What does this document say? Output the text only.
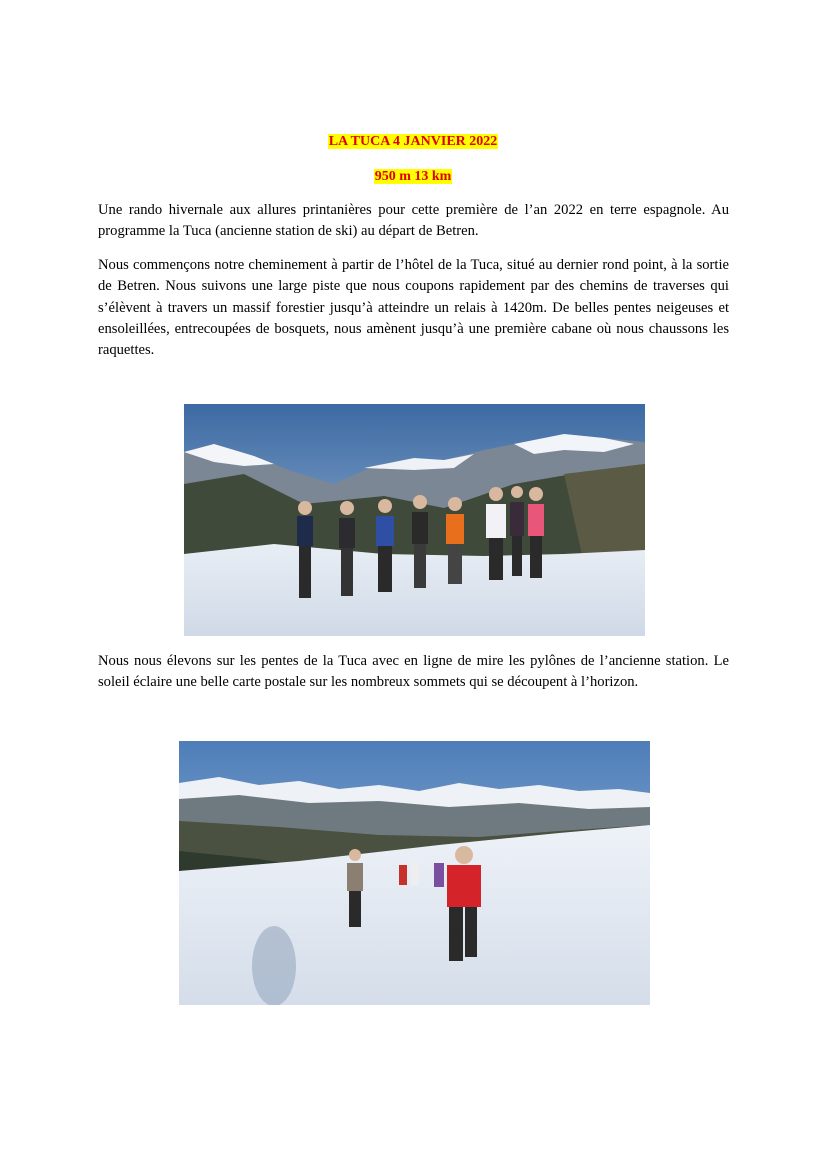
LA TUCA 4 JANVIER 2022
950 m 13 km

Une rando hivernale aux allures printanières pour cette première de l’an 2022 en terre espagnole. Au programme la Tuca (ancienne station de ski) au départ de Betren.

Nous commençons notre cheminement à partir de l’hôtel de la Tuca, situé au dernier rond point, à la sortie de Betren. Nous suivons une large piste que nous coupons rapidement par des chemins de traverses qui s’élèvent à travers un massif forestier jusqu’à atteindre un relais à 1420m. De belles pentes neigeuses et ensoleillées, entrecoupées de bosquets, nous amènent jusqu’à une première cabane où nous chaussons les raquettes.

Nous nous élevons sur les pentes de la Tuca avec en ligne de mire les pylônes de l’ancienne station. Le soleil éclaire une belle carte postale sur les nombreux sommets qui se découpent à l’horizon.
